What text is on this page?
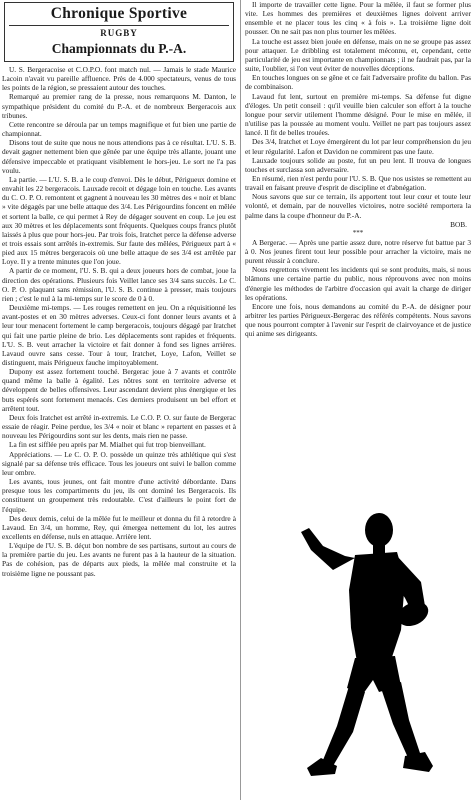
Chronique Sportive
RUGBY
Championnats du P.-A.

U. S. Bergeracoise et C.O.P.O. font match nul. — Jamais le stade Maurice Lacoin n'avait vu pareille affluence. Près de 4.000 spectateurs, venus de tous les points de la région, se pressaient autour des touches.

Remarqué au premier rang de la presse, nous remarquons M. Danton, le sympathique président du comité du P.-A. et de nombreux Bergeracois aux tribunes.

Cette rencontre se déroula par un temps magnifique et fut bien une partie de championnat.

Disons tout de suite que nous ne nous attendions pas à ce résultat. L'U. S. B. devait gagner nettement bien que gênée par une équipe très allante, jouant une défensive impeccable et pratiquant visiblement le hors-jeu. Le sort ne l'a pas voulu.

La partie. — L'U. S. B. a le coup d'envoi. Dès le début, Périgueux domine et envahit les 22 bergeracois. Lauxade recoit et dégage loin en touche. Les avants du C. O. P. O. remontent et gagnent à nouveau les 30 mètres des « noir et blanc » vite dégagés par une belle attaque des 3/4. Les Périgourdins foncent en mêlée et sortent la balle, ce qui permet à Rey de dégager souvent en coup. Le jeu est aux 30 mètres et les déplacements sont fréquents. Quelques coups francs plutôt laissés à plus que pour hors-jeu. Par trois fois, Iratchet perce la défense adverse et trois essais sont arrêtés in-extremis. Sur faute des mêlées, Périgueux part à « pied aux 15 mètres bergeracois où une belle attaque de ses 3/4 est arrêtée par Loye. Il y a trente minutes que l'on joue.

A partir de ce moment, l'U. S. B. qui a deux joueurs hors de combat, joue la direction des opérations. Plusieurs fois Veillet lance ses 3/4 sans succès. Le C. O. P. O. plaquant sans rémission, l'U. S. B. continue à presser, mais toujours rien ; c'est le nul à la mi-temps sur le score de 0 à 0.

Deuxième mi-temps. — Les rouges remettent en jeu. On a réquisitionné les avant-postes et en 30 mètres adverses. Ceux-ci font donner leurs avants et à leur tour menacent fortement le camp bergeracois, toujours dégagé par Iratchet qui fait une partie pleine de brio. Les déplacements sont rapides et fréquents. L'U. S. B. veut arracher la victoire et fait donner à fond ses lignes arrières. Lavaud ouvre sans cesse. Tour à tour, Iratchet, Loye, Lafon, Veillet se distinguent, mais Périgueux fauche impitoyablement.

Dupony est assez fortement touché. Bergerac joue à 7 avants et contrôle quand même la balle à égalité. Les nôtres sont en territoire adverse et développent de belles offensives. Leur ascendant devient plus énergique et les buts espérés sont fortement menacés. Ces derniers produisent un bel effort et arrêtent tout.

Deux fois Iratchet est arrêté in-extremis. Le C.O. P. O. sur faute de Bergerac essaie de réagir. Peine perdue, les 3/4 « noir et blanc » repartent en passes et à nouveau les Périgourdins sont sur les dents, mais rien ne passe.

La fin est sifflée peu après par M. Mialhet qui fut trop bienveillant.

Appréciations. — Le C. O. P. O. possède un quinze très athlétique qui s'est signalé par sa défense très efficace. Tous les joueurs ont suivi le ballon comme leur ombre.

Les avants, tous jeunes, ont fait montre d'une activité débordante. Dans presque tous les compartiments du jeu, ils ont dominé les Bergeracois. Ils constituent un groupement très redoutable. C'est d'ailleurs le point fort de l'équipe.

Des deux demis, celui de la mêlée fut le meilleur et donna du fil à retordre à Lavaud. En 3/4, un homme, Rey, qui émergea nettement du lot, les autres excellents en défense, nuls en attaque. Arrière lent.

L'équipe de l'U. S. B. déçut bon nombre de ses partisans, surtout au cours de la première partie du jeu. Les avants ne furent pas à la hauteur de la situation. Pas de cohésion, pas de départs aux pieds, la mêlée mal construite et la troisième ligne ne poussant pas.

Il importe de travailler cette ligne. Pour la mêlée, il faut se former plus vite. Les hommes des premières et deuxièmes lignes doivent arriver ensemble et ne placer tous les cinq « à fois ». La troisième ligne doit pousser. On ne sait pas non plus tourner les mêlées.

La touche est assez bien jouée en défense, mais on ne se groupe pas assez pour attaquer. Le dribbling est totalement méconnu, et, cependant, cette particularité de jeu est importante en championnats ; il ne faudrait pas, par la suite, l'oublier, si l'on veut éviter de nouvelles déceptions.

En touches longues on se gêne et ce fait l'adversaire profite du ballon. Pas de combinaison.

Lavaud fut lent, surtout en première mi-temps. Sa défense fut digne d'éloges. Un petit conseil : qu'il veuille bien calculer son effort à la touche longue pour servir utilement l'homme désigné. Pour le mise en mêlée, il n'utilise pas la poussée au moment voulu. Veillet ne part pas toujours assez lancé. Il fit de belles trouées.

Des 3/4, Iratchet et Loye émergèrent du lot par leur compréhension du jeu et leur régularité. Lafon et Davidon ne commirent pas une faute.

Lauxade toujours solide au poste, fut un peu lent. Il trouva de longues touches et surclassa son adversaire.

En résumé, rien n'est perdu pour l'U. S. B. Que nos usistes se remettent au travail en faisant preuve d'esprit de discipline et d'abnégation.

Nous savons que sur ce terrain, ils apportent tout leur cœur et toute leur volonté, et demain, par de nouvelles victoires, notre société remportera la palme dans la coupe d'honneur du P.-A.

BOB.
***

A Bergerac. — Après une partie assez dure, notre réserve fut battue par 3 à 0. Nos jeunes firent tout leur possible pour arracher la victoire, mais ne purent réussir à conclure.

Nous regrettons vivement les incidents qui se sont produits, mais, si nous blâmons une certaine partie du public, nous réprouvons avec non moins d'énergie les méthodes de l'arbitre d'occasion qui avait la charge de diriger les opérations.

Encore une fois, nous demandons au comité du P.-A. de désigner pour arbitrer les parties Périgueux-Bergerac des référés compétents. Nous savons que nous pourront compter à l'avenir sur l'esprit de clairvoyance et de justice qui anime ses dirigeants.
